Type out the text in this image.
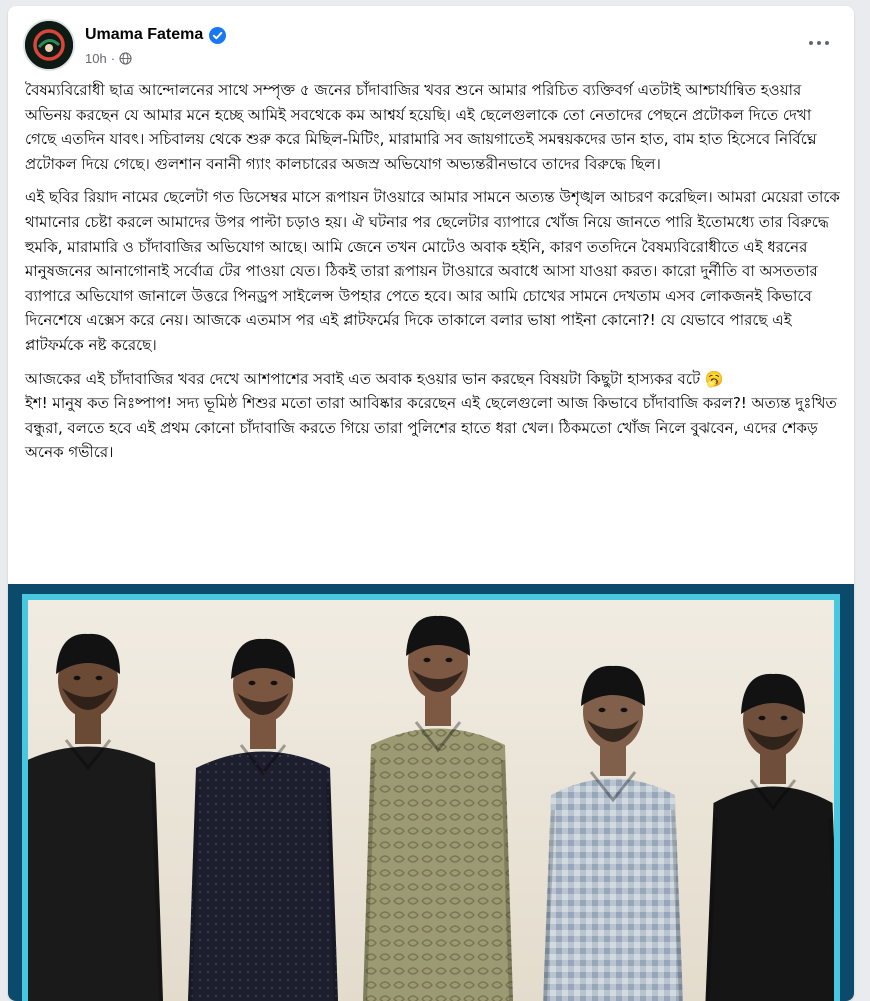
Umama Fatema
10h ·

বৈষম্যবিরোধী ছাত্র আন্দোলনের সাথে সম্পৃক্ত ৫ জনের চাঁদাবাজির খবর শুনে আমার পরিচিত ব্যক্তিবর্গ এতটাই আশ্চার্যান্বিত হওয়ার অভিনয় করছেন যে আমার মনে হচ্ছে আমিই সবথেকে কম আশ্বর্য হয়েছি। এই ছেলেগুলাকে তো নেতাদের পেছনে প্রটোকল দিতে দেখা গেছে এতদিন যাবৎ। সচিবালয় থেকে শুরু করে মিছিল-মিটিং, মারামারি সব জায়গাতেই সমন্বয়কদের ডান হাত, বাম হাত হিসেবে নির্বিঘ্নে প্রটোকল দিয়ে গেছে। গুলশান বনানী গ্যাং কালচারের অজস্র অভিযোগ অভ্যন্তরীনভাবে তাদের বিরুদ্ধে ছিল।

এই ছবির রিয়াদ নামের ছেলেটা গত ডিসেম্বর মাসে রূপায়ন টাওয়ারে আমার সামনে অত্যন্ত উশৃঙ্খল আচরণ করেছিল। আমরা মেয়েরা তাকে থামানোর চেষ্টা করলে আমাদের উপর পাল্টা চড়াও হয়। ঐ ঘটনার পর ছেলেটার ব্যাপারে খোঁজ নিয়ে জানতে পারি ইতোমধ্যে তার বিরুদ্ধে হুমকি, মারামারি ও চাঁদাবাজির অভিযোগ আছে। আমি জেনে তখন মোটেও অবাক হইনি, কারণ ততদিনে বৈষম্যবিরোধীতে এই ধরনের মানুষজনের আনাগোনাই সর্বোত্র টের পাওয়া যেত। ঠিকই তারা রূপায়ন টাওয়ারে অবাধে আসা যাওয়া করত। কারো দুর্নীতি বা অসততার ব্যাপারে অভিযোগ জানালে উত্তরে পিনড্রপ সাইলেন্স উপহার পেতে হবে। আর আমি চোখের সামনে দেখতাম এসব লোকজনই কিভাবে দিনেশেষে এক্সেস করে নেয়। আজকে এতমাস পর এই প্লাটফর্মের দিকে তাকালে বলার ভাষা পাইনা কোনো?! যে যেভাবে পারছে এই প্লাটফর্মকে নষ্ট করেছে।

আজকের এই চাঁদাবাজির খবর দেখে আশপাশের সবাই এত অবাক হওয়ার ভান করছেন বিষয়টা কিছুটা হাস্যকর বটে 🥱

ইশ! মানুষ কত নিঃষ্পাপ! সদ্য ভূমিষ্ঠ শিশুর মতো তারা আবিষ্কার করেছেন এই ছেলেগুলো আজ কিভাবে চাঁদাবাজি করল?! অত্যন্ত দুঃখিত বন্ধুরা, বলতে হবে এই প্রথম কোনো চাঁদাবাজি করতে গিয়ে তারা পুলিশের হাতে ধরা খেল। ঠিকমতো খোঁজ নিলে বুঝবেন, এদের শেকড় অনেক গভীরে।
